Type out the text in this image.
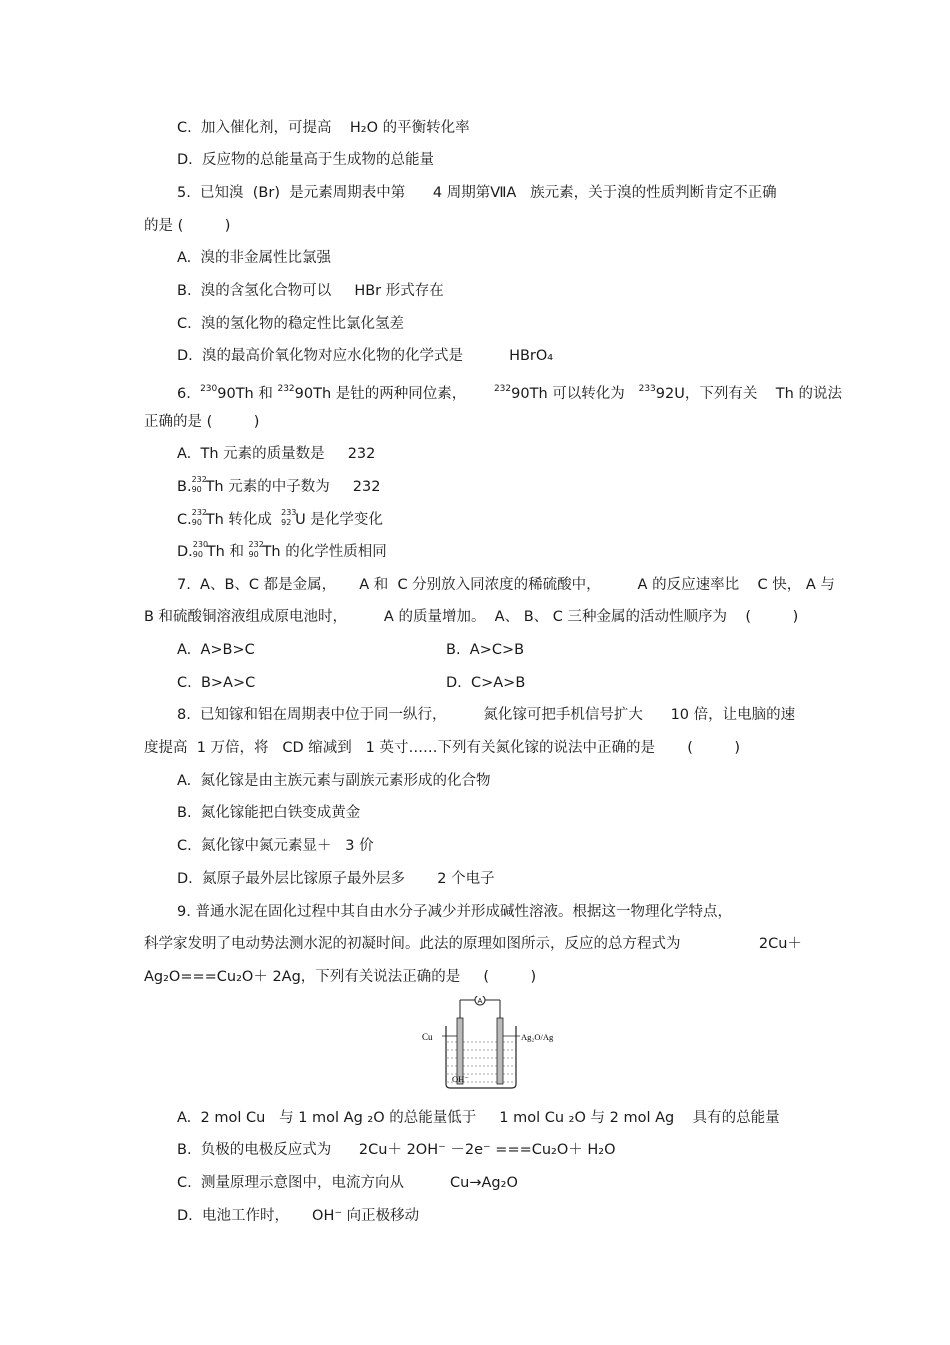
C.  加入催化剂，可提高    H₂O 的平衡转化率
D.  反应物的总能量高于生成物的总能量
5.  已知溴  (Br)  是元素周期表中第      4 周期第ⅦA   族元素，关于溴的性质判断肯定不正确
的是 (         )
A.  溴的非金属性比氯强
B.  溴的含氢化合物可以     HBr 形式存在
C.  溴的氢化物的稳定性比氯化氢差
D.  溴的最高价氧化物对应水化物的化学式是          HBrO₄
6.  $^{230}$90Th 和 $^{232}$90Th 是钍的两种同位素，      $^{232}$90Th 可以转化为   $^{233}$92U，下列有关    Th 的说法
正确的是 (         )
A.  Th 元素的质量数是     232
B. 232
90 Th 元素的中子数为     232
C. 232
90 Th 转化成 233
92 U 是化学变化
D. 230
90 Th 和 232
90 Th 的化学性质相同
7.  A、B、C 都是金属，     A 和  C 分别放入同浓度的稀硫酸中，        A 的反应速率比    C 快， A 与
B 和硫酸铜溶液组成原电池时，        A 的质量增加。  A、 B、 C 三种金属的活动性顺序为    (         )
A.  A>B>C	B.  A>C>B
C.  B>A>C	D.  C>A>B
8.  已知镓和铝在周期表中位于同一纵行，        氮化镓可把手机信号扩大      10 倍，让电脑的速
度提高  1 万倍，将   CD 缩减到   1 英寸……下列有关氮化镓的说法中正确的是       (         )
A.  氮化镓是由主族元素与副族元素形成的化合物
B.  氮化镓能把白铁变成黄金
C.  氮化镓中氮元素显＋   3 价
D.  氮原子最外层比镓原子最外层多       2 个电子
9. 普通水泥在固化过程中其自由水分子减少并形成碱性溶液。根据这一物理化学特点，
科学家发明了电动势法测水泥的初凝时间。此法的原理如图所示，反应的总方程式为                 2Cu＋
Ag₂O===Cu₂O＋ 2Ag，下列有关说法正确的是     (         )
A
Cu	Ag₂O/Ag
OH⁻
A.  2 mol Cu   与 1 mol Ag ₂O 的总能量低于     1 mol Cu ₂O 与 2 mol Ag    具有的总能量
B.  负极的电极反应式为      2Cu＋ 2OH⁻ －2e⁻ ===Cu₂O＋ H₂O
C.  测量原理示意图中，电流方向从          Cu→Ag₂O
D.  电池工作时，     OH⁻ 向正极移动
